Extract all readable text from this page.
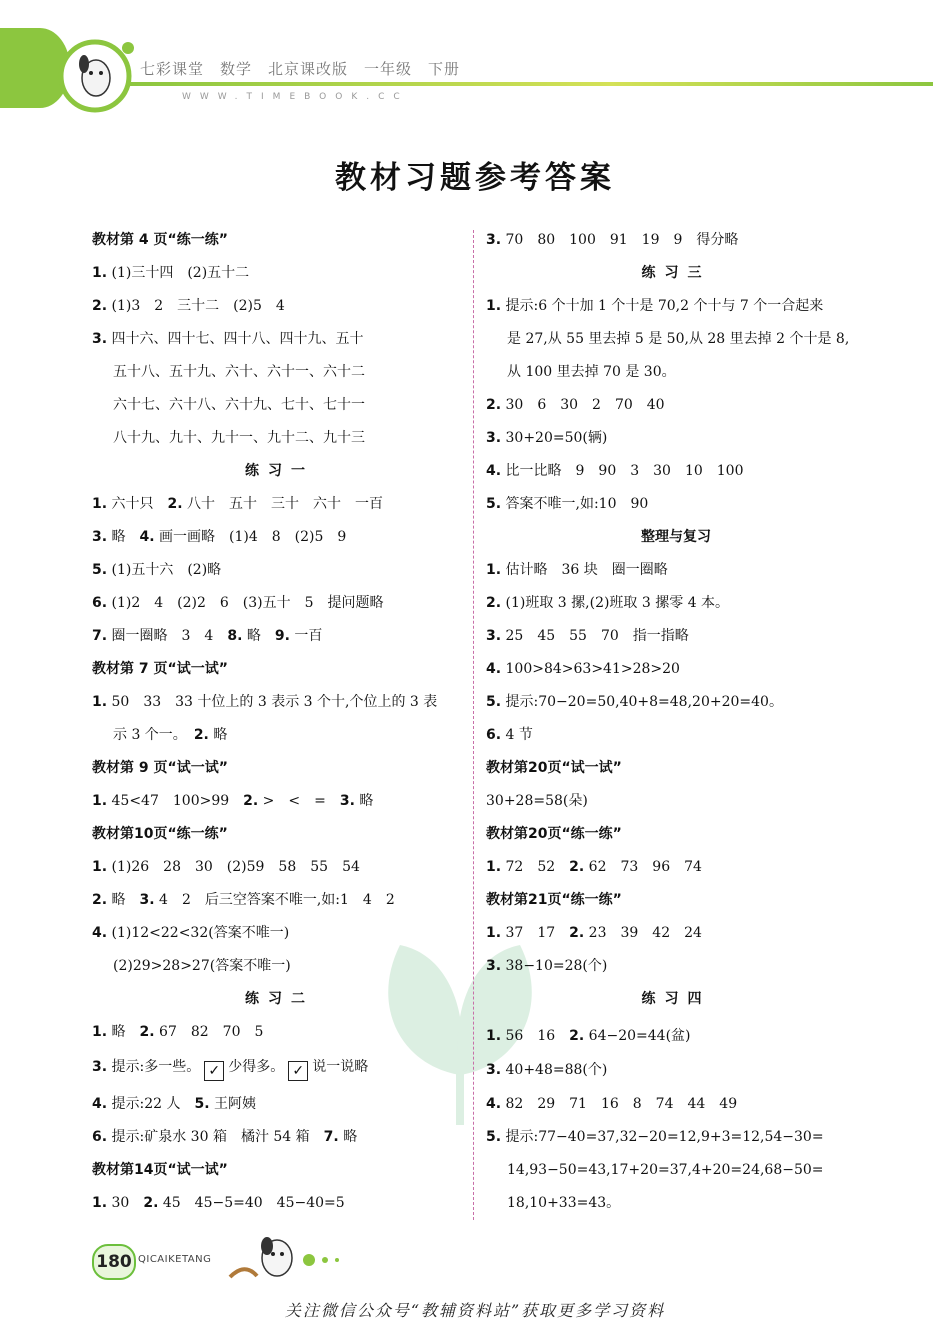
七彩课堂　数学　北京课改版　一年级　下册
WWW.TIMEBOOK.CC
教材习题参考答案
教材第 4 页“练一练”
1. (1)三十四　(2)五十二
2. (1)3　2　三十二　(2)5　4
3. 四十六、四十七、四十八、四十九、五十
五十八、五十九、六十、六十一、六十二
六十七、六十八、六十九、七十、七十一
八十九、九十、九十一、九十二、九十三
练习一
1. 六十只　2. 八十　五十　三十　六十　一百
3. 略　4. 画一画略　(1)4　8　(2)5　9
5. (1)五十六　(2)略
6. (1)2　4　(2)2　6　(3)五十　5　提问题略
7. 圈一圈略　3　4　8. 略　9. 一百
教材第 7 页“试一试”
1. 50　33　33 十位上的 3 表示 3 个十,个位上的 3 表
示 3 个一。　2. 略
教材第 9 页“试一试”
1. 45<47　100>99　2. >　<　=　3. 略
教材第10页“练一练”
1. (1)26　28　30　(2)59　58　55　54
2. 略　3. 4　2　后三空答案不唯一,如:1　4　2
4. (1)12<22<32(答案不唯一)
(2)29>28>27(答案不唯一)
练习二
1. 略　2. 67　82　70　5
3. 提示:多一些。 ✓ 少得多。 ✓ 说一说略
4. 提示:22 人　5. 王阿姨
6. 提示:矿泉水 30 箱　橘汁 54 箱　7. 略
教材第14页“试一试”
1. 30　2. 45　45−5=40　45−40=5
3. 70　80　100　91　19　9　得分略
练习三
1. 提示:6 个十加 1 个十是 70,2 个十与 7 个一合起来
是 27,从 55 里去掉 5 是 50,从 28 里去掉 2 个十是 8,
从 100 里去掉 70 是 30。
2. 30　6　30　2　70　40
3. 30+20=50(辆)
4. 比一比略　9　90　3　30　10　100
5. 答案不唯一,如:10　90
整理与复习
1. 估计略　36 块　圈一圈略
2. (1)班取 3 摞,(2)班取 3 摞零 4 本。
3. 25　45　55　70　指一指略
4. 100>84>63>41>28>20
5. 提示:70−20=50,40+8=48,20+20=40。
6. 4 节
教材第20页“试一试”
30+28=58(朵)
教材第20页“练一练”
1. 72　52　2. 62　73　96　74
教材第21页“练一练”
1. 37　17　2. 23　39　42　24
3. 38−10=28(个)
练习四
1. 56　16　2. 64−20=44(盆)
3. 40+48=88(个)
4. 82　29　71　16　8　74　44　49
5. 提示:77−40=37,32−20=12,9+3=12,54−30=
14,93−50=43,17+20=37,4+20=24,68−50=
18,10+33=43。
180 QICAIKETANG
关注微信公众号“教辅资料站”获取更多学习资料
